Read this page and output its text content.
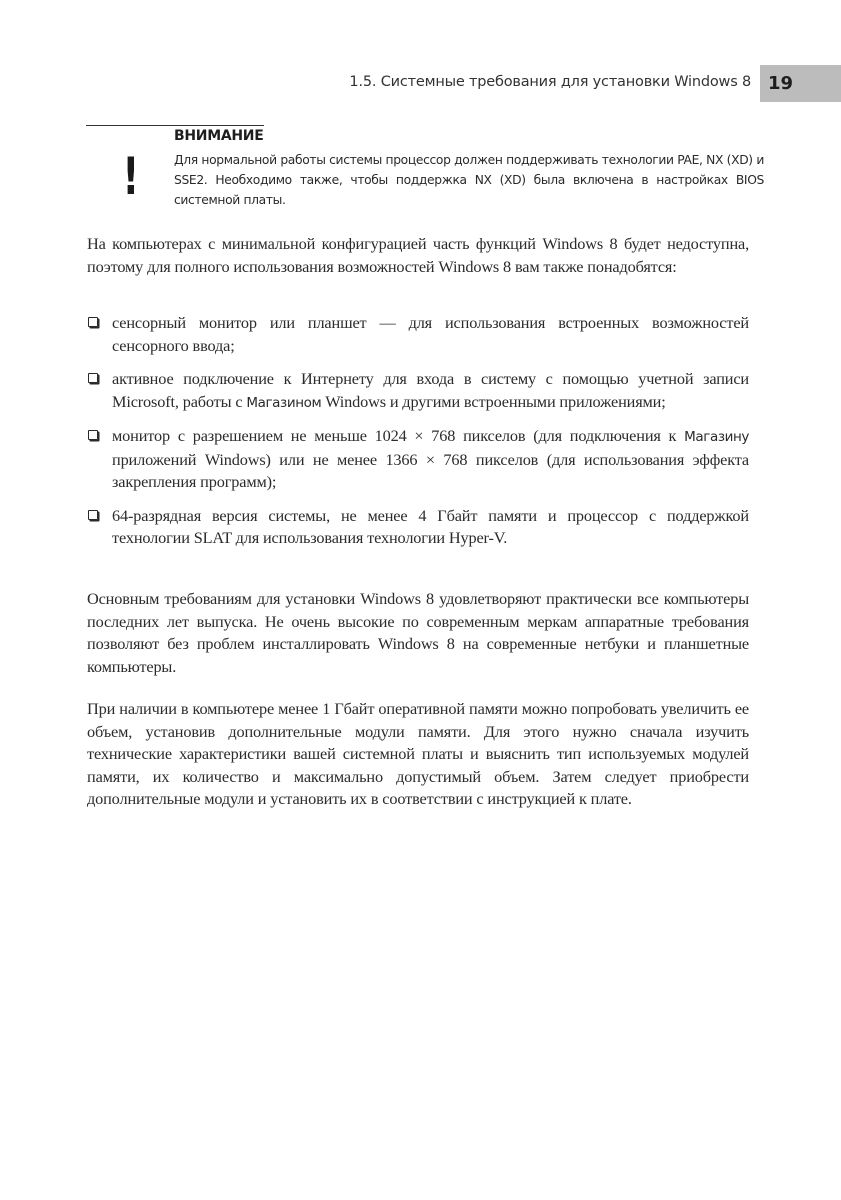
1.5. Системные требования для установки Windows 8 19
!
ВНИМАНИЕ
Для нормальной работы системы процессор должен поддерживать технологии PAE, NX (XD) и SSE2. Необходимо также, чтобы поддержка NX (XD) была включена в настройках BIOS системной платы.

На компьютерах с минимальной конфигурацией часть функций Windows 8 будет недоступна, поэтому для полного использования возможностей Windows 8 вам также понадобятся:

сенсорный монитор или планшет — для использования встроенных возможностей сенсорного ввода;
активное подключение к Интернету для входа в систему с помощью учетной записи Microsoft, работы с Магазином Windows и другими встроенными приложениями;
монитор с разрешением не меньше 1024 × 768 пикселов (для подключения к Магазину приложений Windows) или не менее 1366 × 768 пикселов (для использования эффекта закрепления программ);
64-разрядная версия системы, не менее 4 Гбайт памяти и процессор с поддержкой технологии SLAT для использования технологии Hyper-V.

Основным требованиям для установки Windows 8 удовлетворяют практически все компьютеры последних лет выпуска. Не очень высокие по современным меркам аппаратные требования позволяют без проблем инсталлировать Windows 8 на современные нетбуки и планшетные компьютеры.

При наличии в компьютере менее 1 Гбайт оперативной памяти можно попробовать увеличить ее объем, установив дополнительные модули памяти. Для этого нужно сначала изучить технические характеристики вашей системной платы и выяснить тип используемых модулей памяти, их количество и максимально допустимый объем. Затем следует приобрести дополнительные модули и установить их в соответствии с инструкцией к плате.
